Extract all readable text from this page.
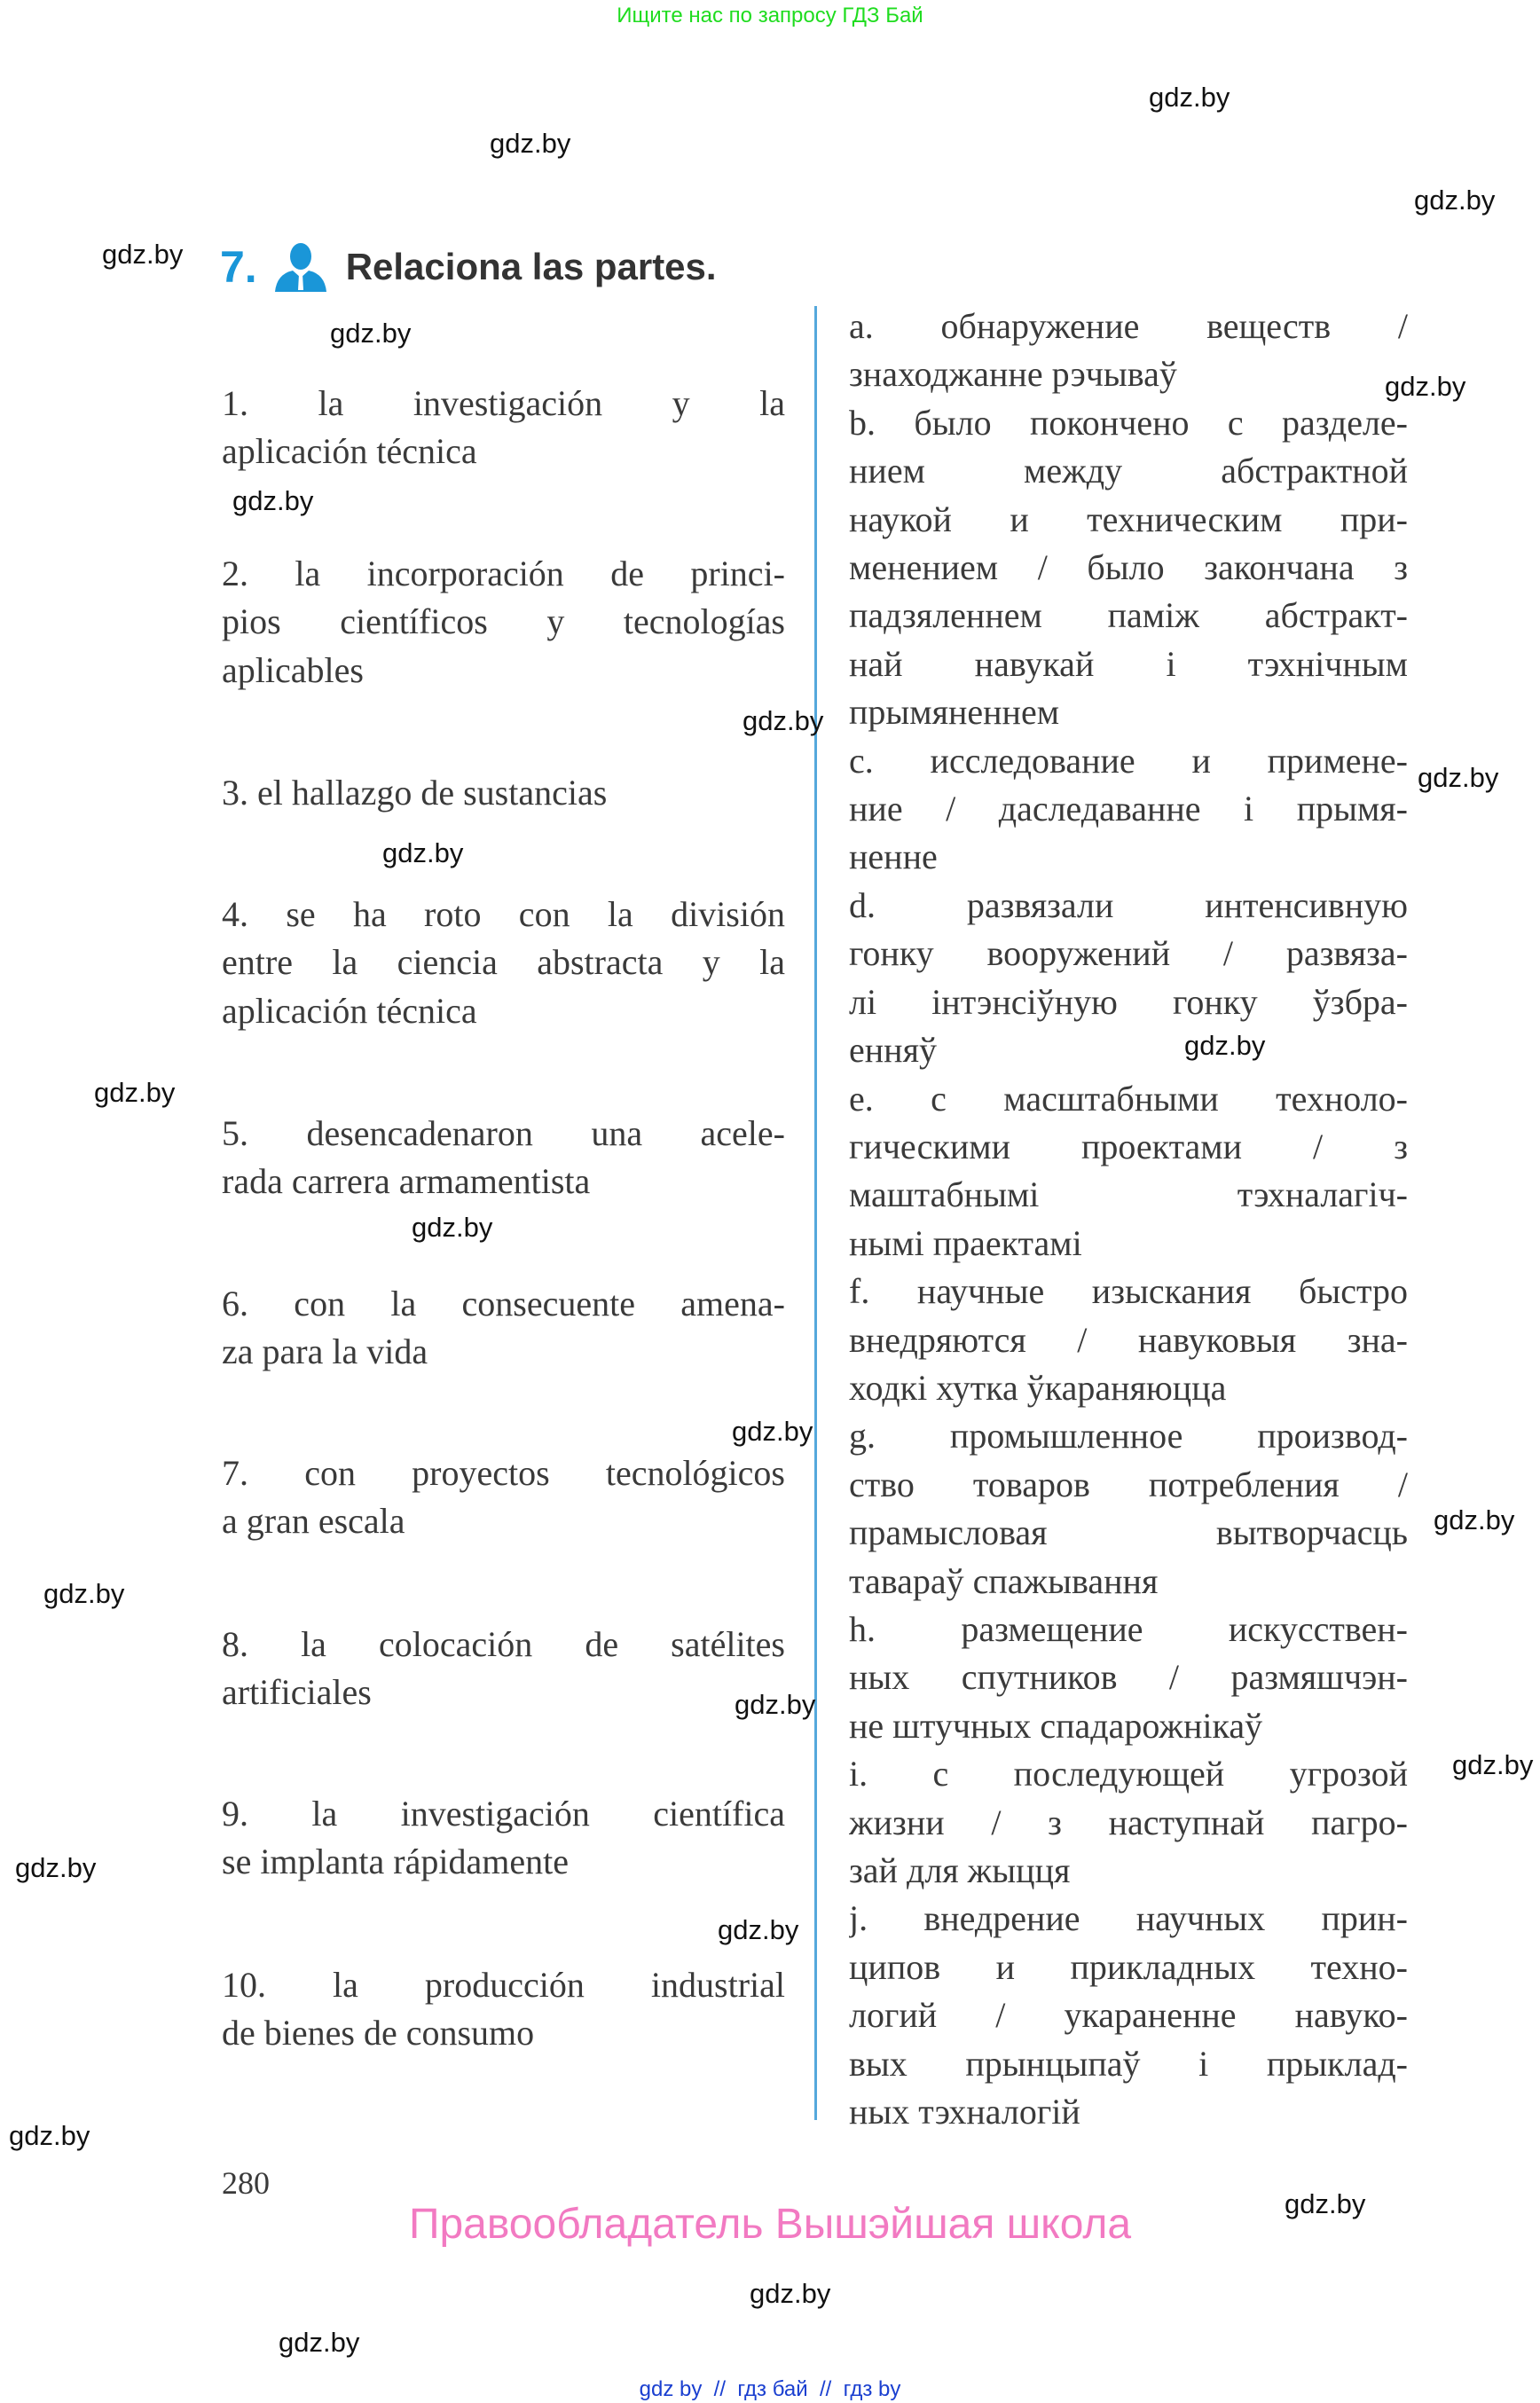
Ищите нас по запросу ГДЗ Бай
7. Relaciona las partes.
1. la investigación y la
aplicación técnica
2. la incorporación de princi-
pios científicos y tecnologías
aplicables
3. el hallazgo de sustancias
4. se ha roto con la división
entre la ciencia abstracta y la
aplicación técnica
5. desencadenaron una acele-
rada carrera armamentista
6. con la consecuente amena-
za para la vida
7. con proyectos tecnológicos
a gran escala
8. la colocación de satélites
artificiales
9. la investigación científica
se implanta rápidamente
10. la producción industrial
de bienes de consumo
a. обнаружение веществ /
знаходжанне рэчываў
b. было покончено с разделе-
нием между абстрактной
наукой и техническим при-
менением / было закончана з
падзяленнем паміж абстракт-
най навукай і тэхнічным
прымяненнем
c. исследование и примене-
ние / даследаванне і прымя-
ненне
d. развязали интенсивную
гонку вооружений / развяза-
лі інтэнсіўную гонку ўзбра-
енняў
e. с масштабными техноло-
гическими проектами / з
маштабнымі тэхналагіч-
нымі праектамі
f. научные изыскания быстро
внедряются / навуковыя зна-
ходкі хутка ўкараняюцца
g. промышленное производ-
ство товаров потребления /
прамысловая вытворчасць
тавараў спажывання
h. размещение искусствен-
ных спутников / размяшчэн-
не штучных спадарожнікаў
i. с последующей угрозой
жизни / з наступнай пагро-
зай для жыцця
j. внедрение научных прин-
ципов и прикладных техно-
логий / укараненне навуко-
вых прынцыпаў і прыклад-
ных тэхналогій
280
Правообладатель Вышэйшая школа
gdz by  //  гдз бай  //  гдз by
gdz.by
gdz.by
gdz.by
gdz.by
gdz.by
gdz.by
gdz.by
gdz.by
gdz.by
gdz.by
gdz.by
gdz.by
gdz.by
gdz.by
gdz.by
gdz.by
gdz.by
gdz.by
gdz.by
gdz.by
gdz.by
gdz.by
gdz.by
gdz.by
